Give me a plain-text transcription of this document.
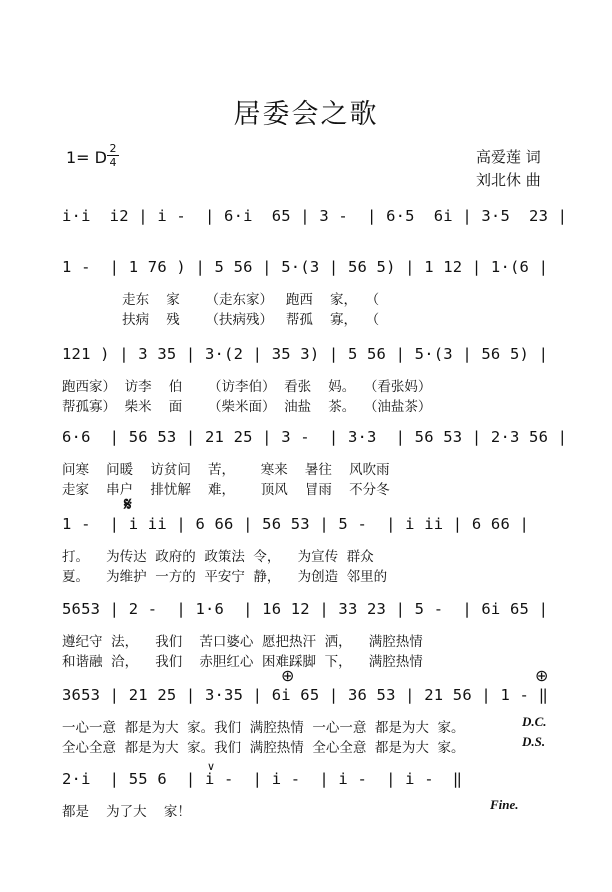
居委会之歌
1= D 2
4	高爱莲 词
刘北休 曲
i·i  i2 | i -  | 6·i  65 | 3 -  | 6·5  6i | 3·5  23 |
1 -  | 1 76 ) | 5 56 | 5·(3 | 56 5) | 1 12 | 1·(6 |
走东    家      （走东家）   跑西    家，  （
扶病    残      （扶病残）   帮孤    寡，  （
121 ) | 3 35 | 3·(2 | 35 3) | 5 56 | 5·(3 | 56 5) |
跑西家）  访李    伯      （访李伯）  看张    妈。  （看张妈）
帮孤寡）  柴米    面      （柴米面）  油盐    茶。  （油盐茶）
6·6  | 56 53 | 21 25 | 3 -  | 3·3  | 56 53 | 2·3 56 |
问寒    问暖    访贫问    苦，      寒来    暑往    风吹雨
走家    串户    排忧解    难，      顶风    冒雨    不分冬
𝄋
1 -  | i ii | 6 66 | 56 53 | 5 -  | i ii | 6 66 |
打。    为传达  政府的  政策法  令，    为宣传  群众
夏。    为维护  一方的  平安宁  静，    为创造  邻里的
5653 | 2 -  | 1·6  | 16 12 | 33 23 | 5 -  | 6i 65 |
遵纪守  法，    我们    苦口婆心  愿把热汗  洒，    满腔热情
和谐融  洽，    我们    赤胆红心  困难踩脚  下，    满腔热情
⊕	⊕
3653 | 21 25 | 3·35 | 6i 65 | 36 53 | 21 56 | 1 - ‖
一心一意  都是为大  家。我们  满腔热情  一心一意  都是为大  家。
全心全意  都是为大  家。我们  满腔热情  全心全意  都是为大  家。
D.C.
D.S.
2·i  | 55 6  | i -  | i -  | i -  | i -  ‖
都是    为了大    家！
∨
Fine.
